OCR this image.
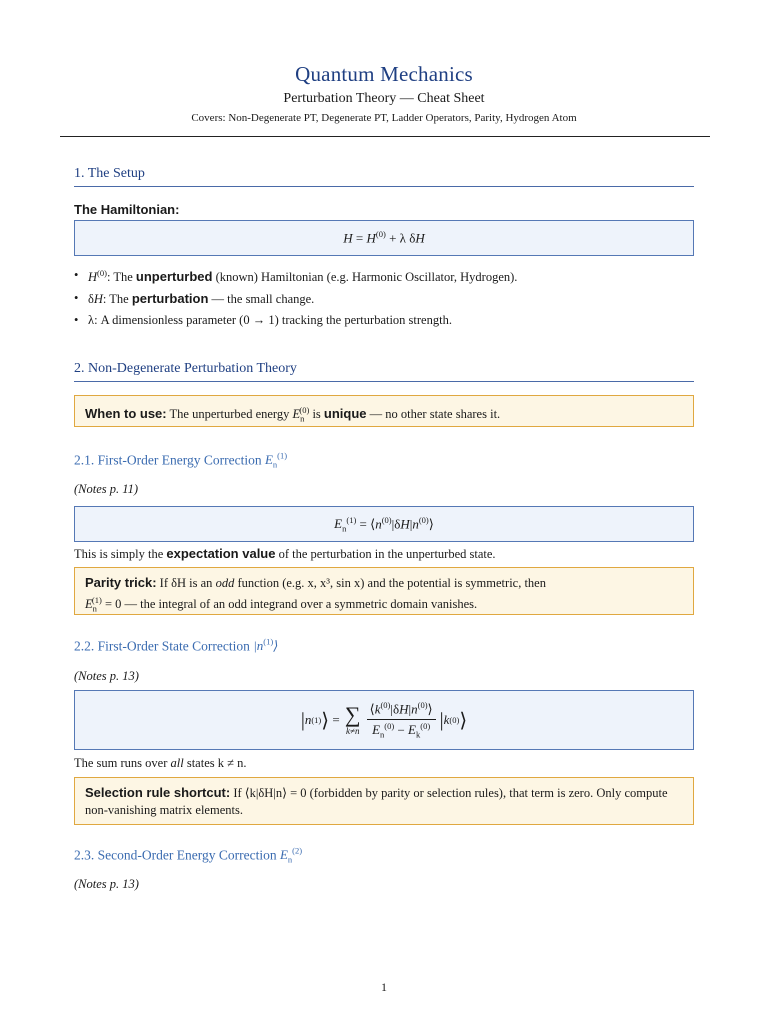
Quantum Mechanics
Perturbation Theory — Cheat Sheet
Covers: Non-Degenerate PT, Degenerate PT, Ladder Operators, Parity, Hydrogen Atom
1. The Setup
The Hamiltonian:
$H = H^{(0)} + \lambda$ δH
• $H^{(0)}$: The unperturbed (known) Hamiltonian (e.g. Harmonic Oscillator, Hydrogen).
• δH: The perturbation — the small change.
• λ: A dimensionless parameter (0 → 1) tracking the perturbation strength.
2. Non-Degenerate Perturbation Theory
When to use: The unperturbed energy $E_n^{(0)}$ is unique — no other state shares it.
2.1. First-Order Energy Correction $E_n^{(1)}$
(Notes p. 11)
$E_n^{(1)}$ = $⟨n^{(0)}|\delta H|n^{(0)}⟩$
This is simply the expectation value of the perturbation in the unperturbed state.
Parity trick: If δH is an odd function (e.g. x, x³, sin x) and the potential is symmetric, then
$E_n^{(1)} = 0$ — the integral of an odd integrand over a symmetric domain vanishes.
2.2. First-Order State Correction $|n^{(1)}⟩$
(Notes p. 13)
| n (1) ⟩ = ∑
$k\ne n \frac{⟨k^{(0)}|\delta H|n^{(0)}⟩}{E_n^{(0)} - E_k^{(0)}}$ | k (0) ⟩
The sum runs over all states k ≠ n.
Selection rule shortcut: If ⟨k|δH|n⟩ = 0 (forbidden by parity or selection rules), that term is zero. Only compute non-vanishing matrix elements.
2.3. Second-Order Energy Correction $E_n^{(2)}$
(Notes p. 13)
1
